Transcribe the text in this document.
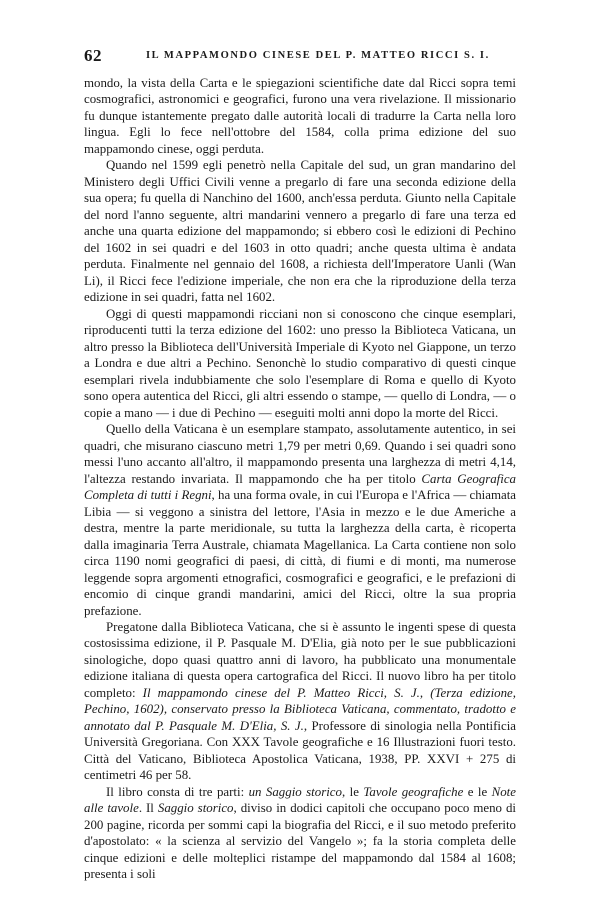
62	IL MAPPAMONDO CINESE DEL P. MATTEO RICCI S. I.

mondo, la vista della Carta e le spiegazioni scientifiche date dal Ricci sopra temi cosmografici, astronomici e geografici, furono una vera rivelazione. Il missionario fu dunque istantemente pregato dalle autorità locali di tradurre la Carta nella loro lingua. Egli lo fece nell'ottobre del 1584, colla prima edizione del suo mappamondo cinese, oggi perduta.

Quando nel 1599 egli penetrò nella Capitale del sud, un gran mandarino del Ministero degli Uffici Civili venne a pregarlo di fare una seconda edizione della sua opera; fu quella di Nanchino del 1600, anch'essa perduta. Giunto nella Capitale del nord l'anno seguente, altri mandarini vennero a pregarlo di fare una terza ed anche una quarta edizione del mappamondo; si ebbero così le edizioni di Pechino del 1602 in sei quadri e del 1603 in otto quadri; anche questa ultima è andata perduta. Finalmente nel gennaio del 1608, a richiesta dell'Imperatore Uanli (Wan Li), il Ricci fece l'edizione imperiale, che non era che la riproduzione della terza edizione in sei quadri, fatta nel 1602.

Oggi di questi mappamondi ricciani non si conoscono che cinque esemplari, riproducenti tutti la terza edizione del 1602: uno presso la Biblioteca Vaticana, un altro presso la Biblioteca dell'Università Imperiale di Kyoto nel Giappone, un terzo a Londra e due altri a Pechino. Senonchè lo studio comparativo di questi cinque esemplari rivela indubbiamente che solo l'esemplare di Roma e quello di Kyoto sono opera autentica del Ricci, gli altri essendo o stampe, — quello di Londra, — o copie a mano — i due di Pechino — eseguiti molti anni dopo la morte del Ricci.

Quello della Vaticana è un esemplare stampato, assolutamente autentico, in sei quadri, che misurano ciascuno metri 1,79 per metri 0,69. Quando i sei quadri sono messi l'uno accanto all'altro, il mappamondo presenta una larghezza di metri 4,14, l'altezza restando invariata. Il mappamondo che ha per titolo Carta Geografica Completa di tutti i Regni, ha una forma ovale, in cui l'Europa e l'Africa — chiamata Libia — si veggono a sinistra del lettore, l'Asia in mezzo e le due Americhe a destra, mentre la parte meridionale, su tutta la larghezza della carta, è ricoperta dalla imaginaria Terra Australe, chiamata Magellanica. La Carta contiene non solo circa 1190 nomi geografici di paesi, di città, di fiumi e di monti, ma numerose leggende sopra argomenti etnografici, cosmografici e geografici, e le prefazioni di encomio di cinque grandi mandarini, amici del Ricci, oltre la sua propria prefazione.

Pregatone dalla Biblioteca Vaticana, che si è assunto le ingenti spese di questa costosissima edizione, il P. Pasquale M. D'Elia, già noto per le sue pubblicazioni sinologiche, dopo quasi quattro anni di lavoro, ha pubblicato una monumentale edizione italiana di questa opera cartografica del Ricci. Il nuovo libro ha per titolo completo: Il mappamondo cinese del P. Matteo Ricci, S. J., (Terza edizione, Pechino, 1602), conservato presso la Biblioteca Vaticana, commentato, tradotto e annotato dal P. Pasquale M. D'Elia, S. J., Professore di sinologia nella Pontificia Università Gregoriana. Con XXX Tavole geografiche e 16 Illustrazioni fuori testo. Città del Vaticano, Biblioteca Apostolica Vaticana, 1938, PP. XXVI + 275 di centimetri 46 per 58.

Il libro consta di tre parti: un Saggio storico, le Tavole geografiche e le Note alle tavole. Il Saggio storico, diviso in dodici capitoli che occupano poco meno di 200 pagine, ricorda per sommi capi la biografia del Ricci, e il suo metodo preferito d'apostolato: « la scienza al servizio del Vangelo »; fa la storia completa delle cinque edizioni e delle molteplici ristampe del mappamondo dal 1584 al 1608; presenta i soli
